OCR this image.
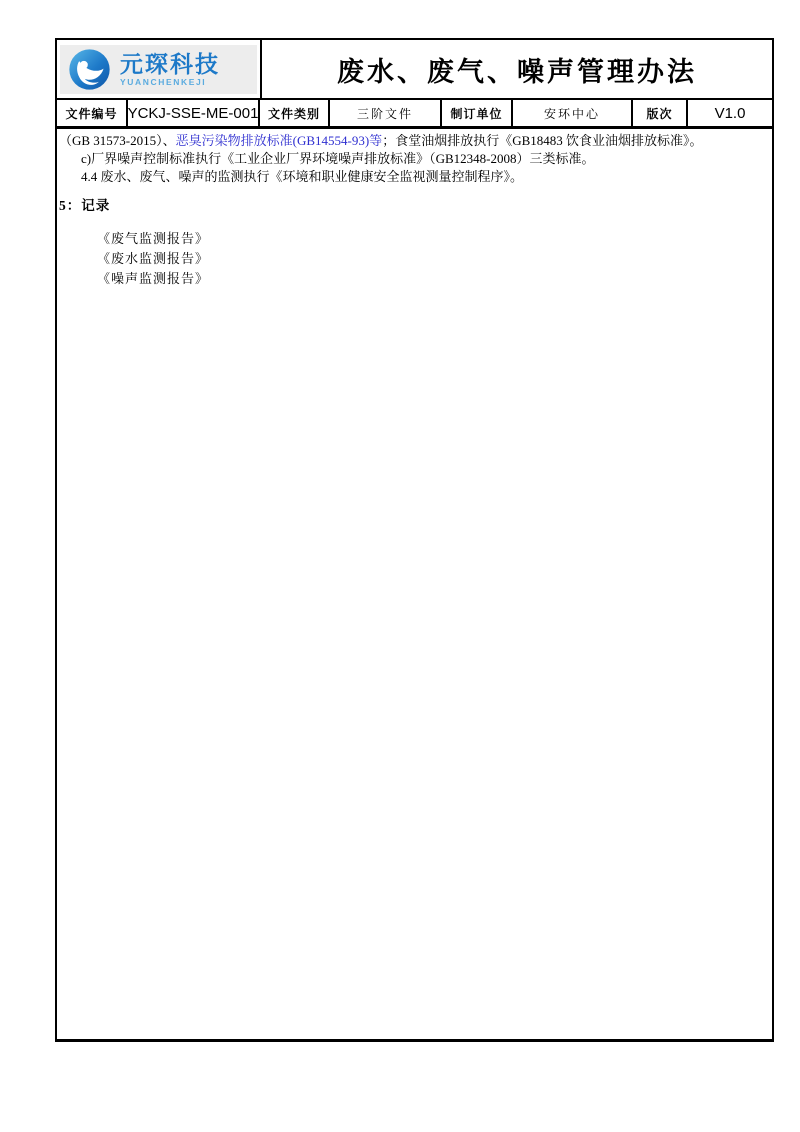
元琛科技
YUANCHENKEJI	废水、废气、噪声管理办法
文件编号 YCKJ-SSE-ME-001 文件类别	三阶文件	制订单位	安环中心	版次	V1.0
（GB 31573-2015）、恶臭污染物排放标准(GB14554-93)等；食堂油烟排放执行《GB18483 饮食业油烟排放标准》。
c)厂界噪声控制标准执行《工业企业厂界环境噪声排放标准》（GB12348-2008）三类标准。
4.4 废水、废气、噪声的监测执行《环境和职业健康安全监视测量控制程序》。
5：记录
《废气监测报告》
《废水监测报告》
《噪声监测报告》
